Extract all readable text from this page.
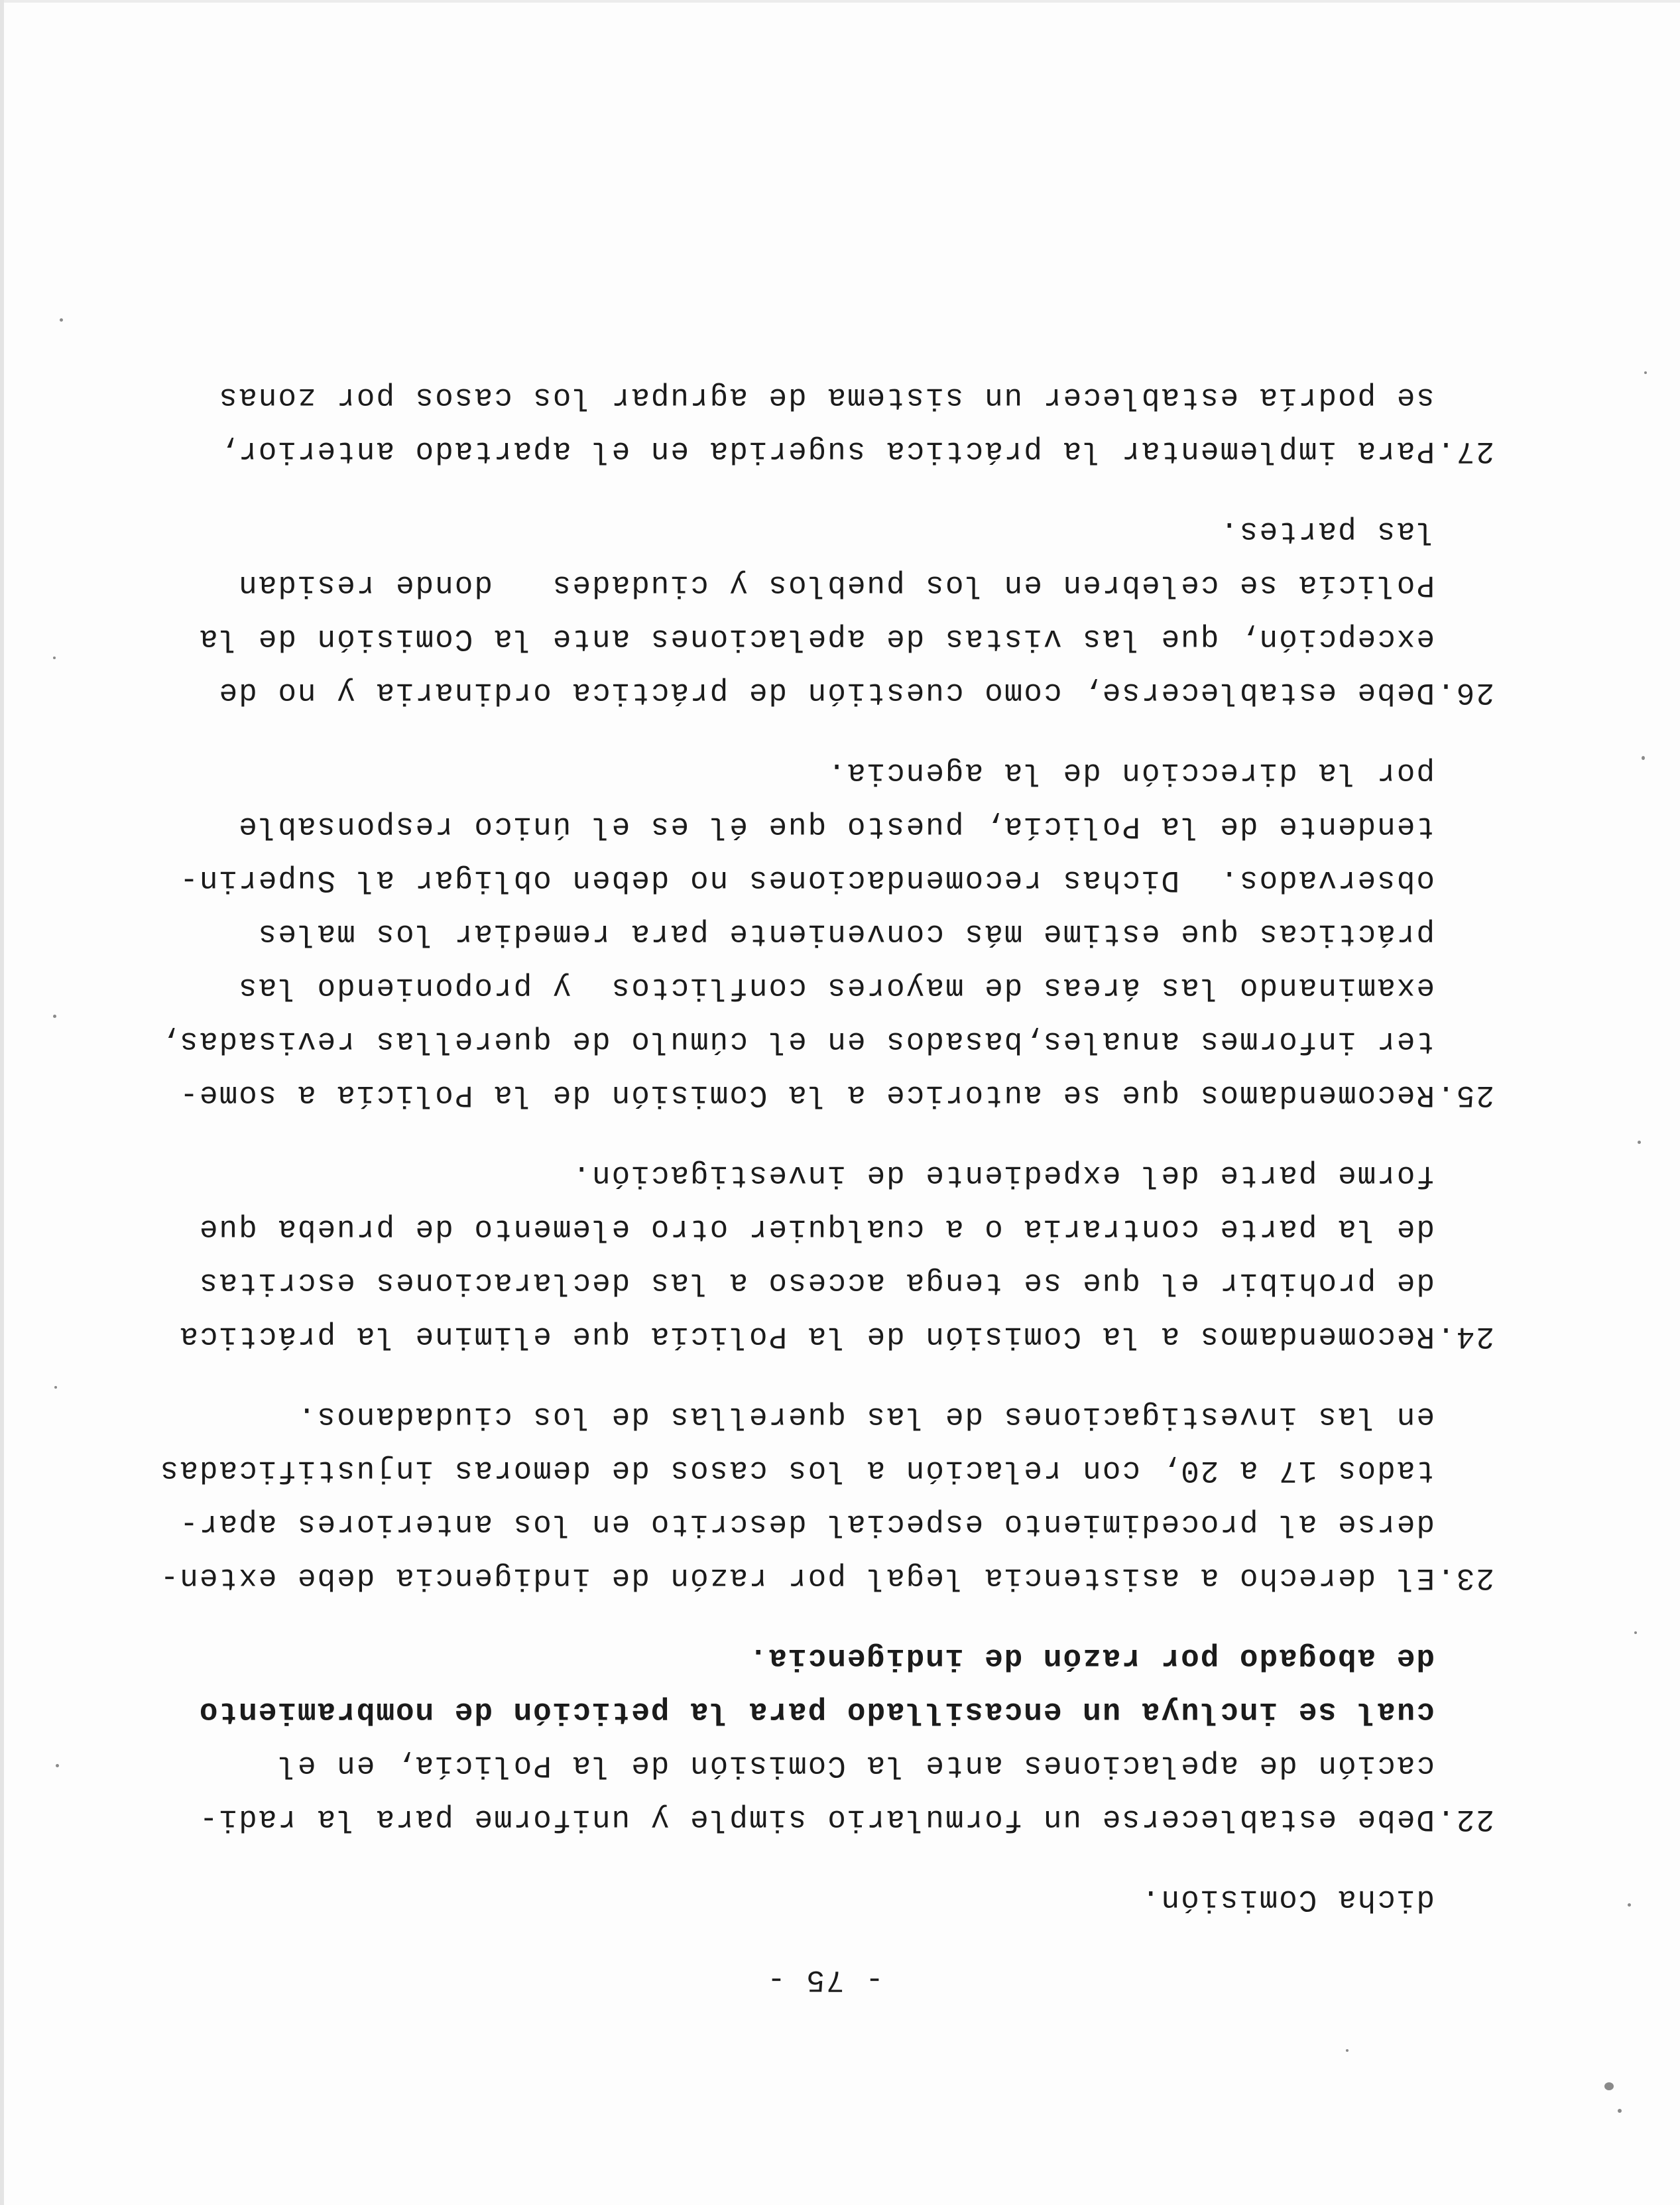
- 75 -
dicha Comisión.
22.Debe establecerse un formulario simple y uniforme para la radi-
cación de apelaciones ante la Comisión de la Policía, en el
cual se incluya un encasillado para la petición de nombramiento
de abogado por razón de indigencia.
23.El derecho a asistencia legal por razón de indigencia debe exten-
derse al procedimiento especial descrito en los anteriores apar-
tados 17 a 20, con relación a los casos de demoras injustificadas
en las investigaciones de las querellas de los ciudadanos.
24.Recomendamos a la Comisión de la Policía que elimine la práctica
de prohibir el que se tenga acceso a las declaraciones escritas
de la parte contraria o a cualquier otro elemento de prueba que
forme parte del expediente de investigación.
25.Recomendamos que se autorice a la Comisión de la Policía a some-
ter informes anuales,basados en el cúmulo de querellas revisadas,
examinando las áreas de mayores conflictos  y proponiendo las
prácticas que estime más conveniente para remediar los males
observados.  Dichas recomendaciones no deben obligar al Superin-
tendente de la Policía, puesto que él es el único responsable
por la dirección de la agencia.
26.Debe establecerse, como cuestión de práctica ordinaria y no de
excepción, que las vistas de apelaciones ante la Comisión de la
Policía se celebren en los pueblos y ciudades   donde residan
las partes.
27.Para implementar la práctica sugerida en el apartado anterior,
se podría establecer un sistema de agrupar los casos por zonas
